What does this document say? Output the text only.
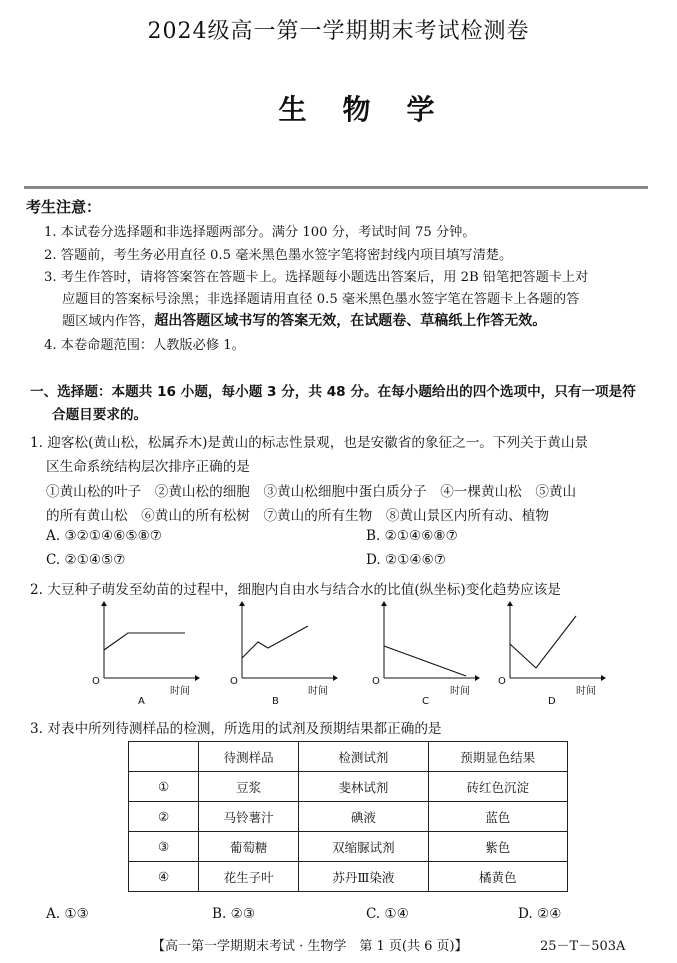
2024级高一第一学期期末考试检测卷
生物学
考生注意：
1. 本试卷分选择题和非选择题两部分。满分 100 分，考试时间 75 分钟。
2. 答题前，考生务必用直径 0.5 毫米黑色墨水签字笔将密封线内项目填写清楚。
3. 考生作答时，请将答案答在答题卡上。选择题每小题选出答案后，用 2B 铅笔把答题卡上对
应题目的答案标号涂黑；非选择题请用直径 0.5 毫米黑色墨水签字笔在答题卡上各题的答
题区域内作答，超出答题区域书写的答案无效，在试题卷、草稿纸上作答无效。
4. 本卷命题范围：人教版必修 1。
一、选择题：本题共 16 小题，每小题 3 分，共 48 分。在每小题给出的四个选项中，只有一项是符
合题目要求的。
1. 迎客松(黄山松，松属乔木)是黄山的标志性景观，也是安徽省的象征之一。下列关于黄山景
区生命系统结构层次排序正确的是
①黄山松的叶子　②黄山松的细胞　③黄山松细胞中蛋白质分子　④一棵黄山松　⑤黄山
的所有黄山松　⑥黄山的所有松树　⑦黄山的所有生物　⑧黄山景区内所有动、植物
A. ③②①④⑥⑤⑧⑦	B. ②①④⑥⑧⑦
C. ②①④⑤⑦	D. ②①④⑥⑦
2. 大豆种子萌发至幼苗的过程中，细胞内自由水与结合水的比值(纵坐标)变化趋势应该是
O
时间
A
O
时间
B
O
时间
C
O
时间
D
3. 对表中所列待测样品的检测，所选用的试剂及预期结果都正确的是
	待测样品	检测试剂	预期显色结果
①	豆浆	斐林试剂	砖红色沉淀
②	马铃薯汁	碘液	蓝色
③	葡萄糖	双缩脲试剂	紫色
④	花生子叶	苏丹Ⅲ染液	橘黄色
A. ①③	B. ②③	C. ①④	D. ②④
【高一第一学期期末考试 · 生物学　第 1 页(共 6 页)】	25－T－503A
